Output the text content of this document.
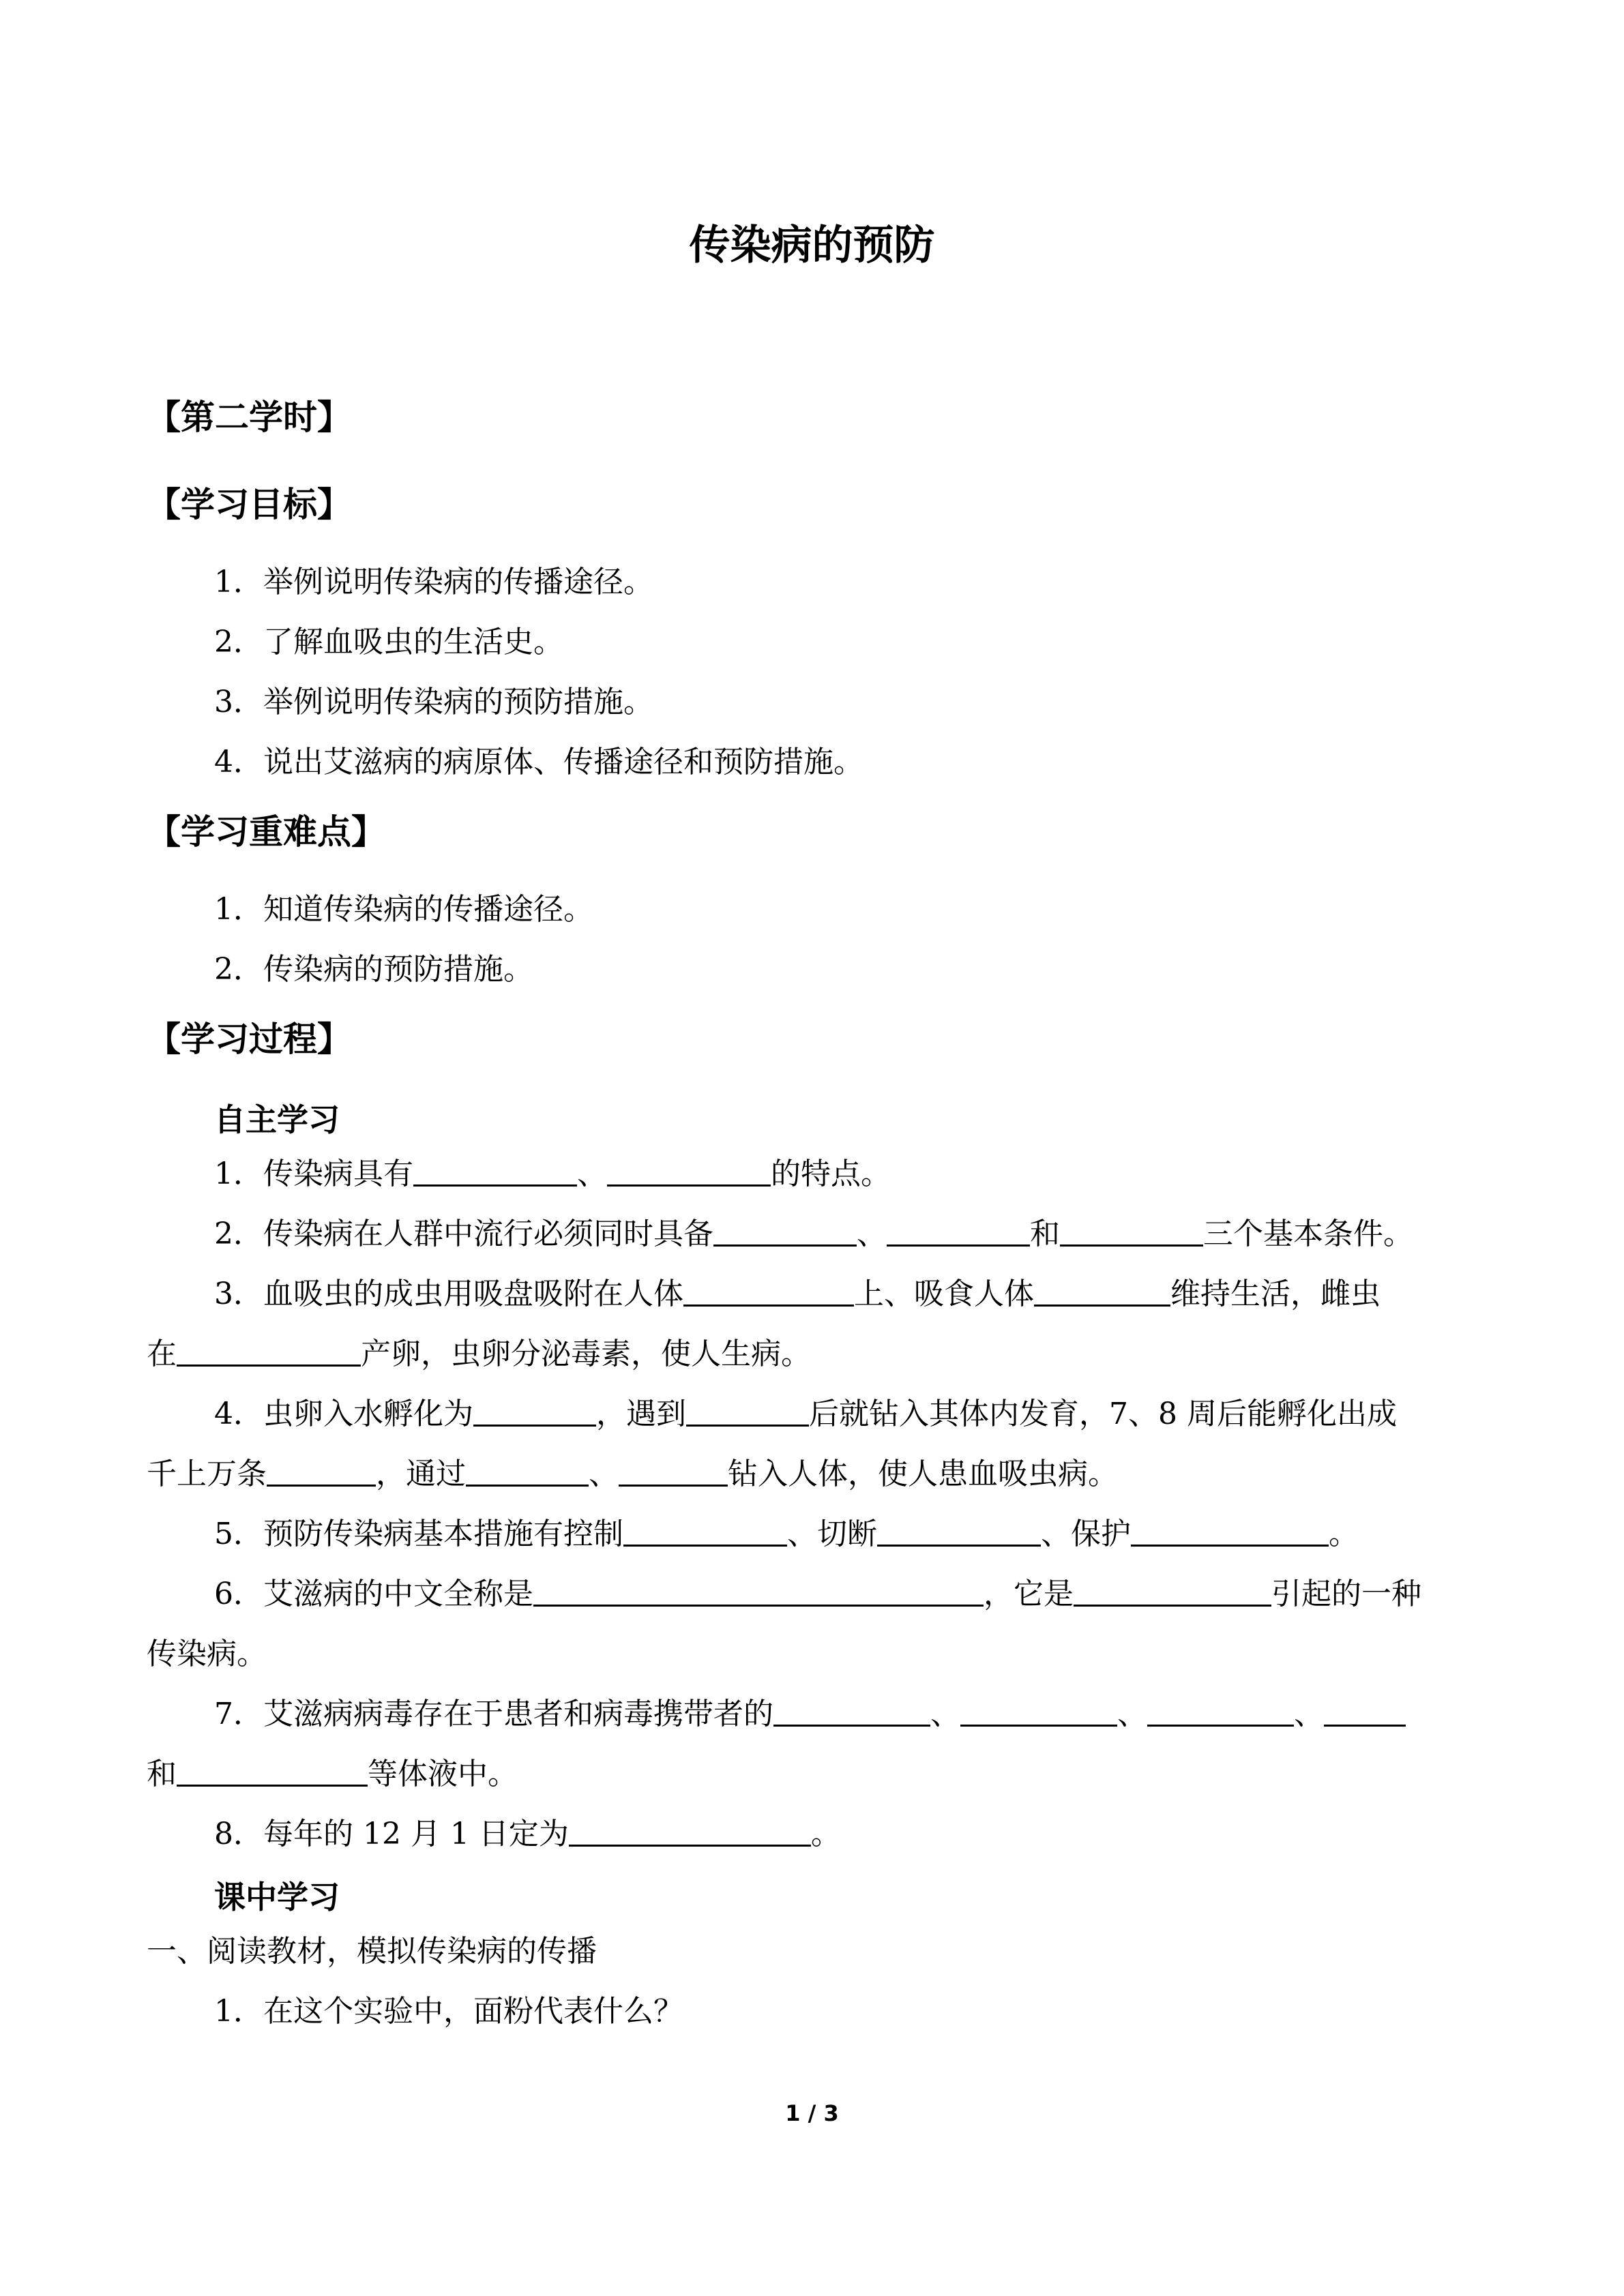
传染病的预防
【第二学时】
【学习目标】
1．举例说明传染病的传播途径。
2．了解血吸虫的生活史。
3．举例说明传染病的预防措施。
4．说出艾滋病的病原体、传播途径和预防措施。
【学习重难点】
1．知道传染病的传播途径。
2．传染病的预防措施。
【学习过程】
自主学习
1．传染病具有	、	的特点。
2．传染病在人群中流行必须同时具备	、	和	三个基本条件。
3．血吸虫的成虫用吸盘吸附在人体	上、吸食人体	维持生活，雌虫
在	产卵，虫卵分泌毒素，使人生病。
4．虫卵入水孵化为	，遇到	后就钻入其体内发育，7、8 周后能孵化出成
千上万条	，通过	、	钻入人体，使人患血吸虫病。
5．预防传染病基本措施有控制	、切断	、保护	。
6．艾滋病的中文全称是	，它是	引起的一种
传染病。
7．艾滋病病毒存在于患者和病毒携带者的	、	、	、
和	等体液中。
8．每年的 12 月 1 日定为	。
课中学习
一、阅读教材，模拟传染病的传播
1．在这个实验中，面粉代表什么？
1 / 3
